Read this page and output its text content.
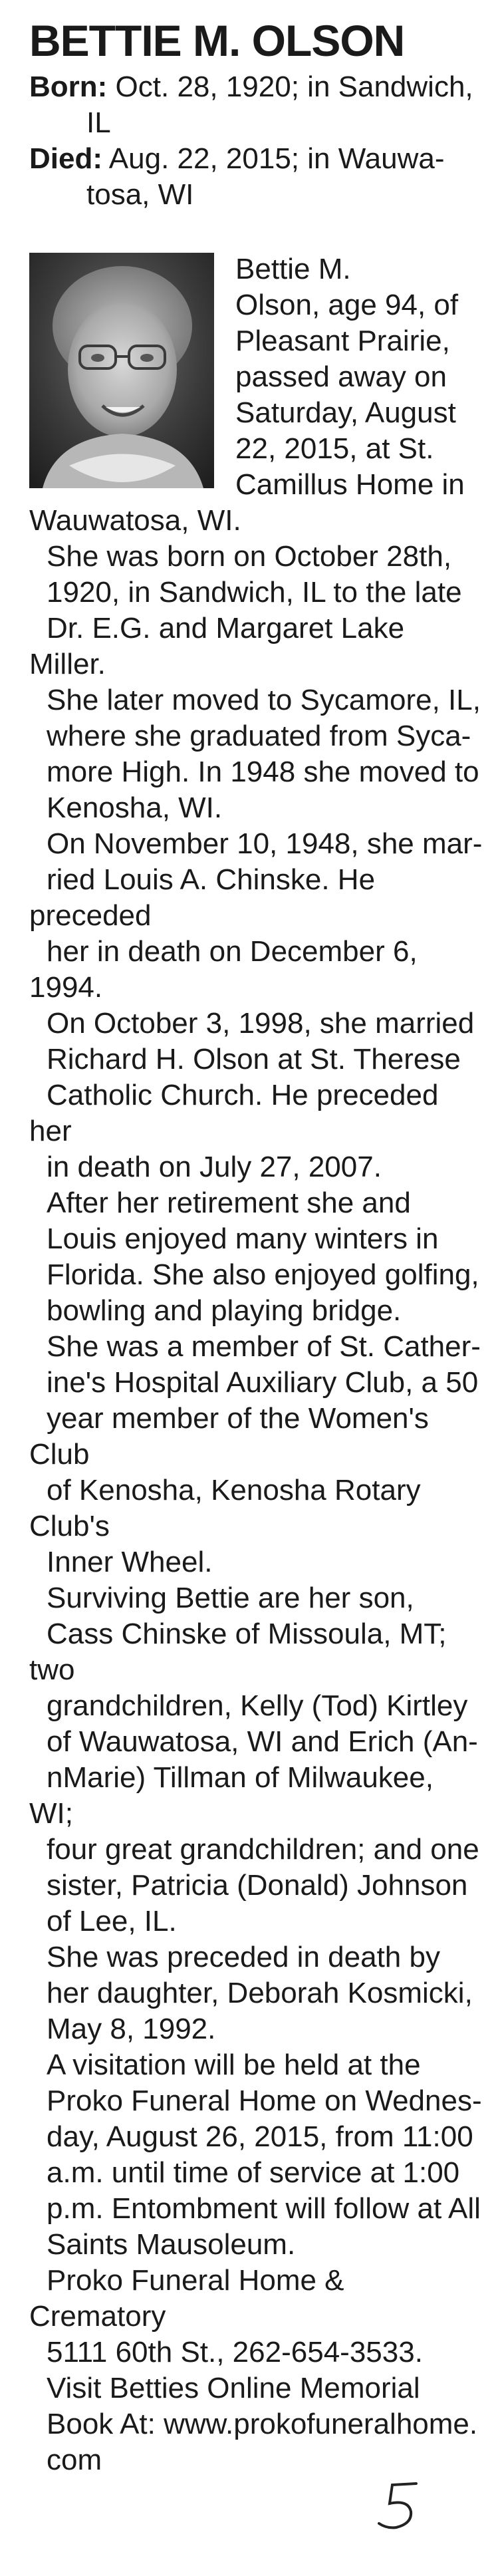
BETTIE M. OLSON
Born: Oct. 28, 1920; in Sandwich,
IL
Died: Aug. 22, 2015; in Wauwa-
tosa, WI

Bettie M.
Olson, age 94, of
Pleasant Prairie,
passed away on
Saturday, August
22, 2015, at St.
Camillus Home in
Wauwatosa, WI.

She was born on October 28th,
1920, in Sandwich, IL to the late
Dr. E.G. and Margaret Lake Miller.
She later moved to Sycamore, IL,
where she graduated from Syca-
more High. In 1948 she moved to
Kenosha, WI.

On November 10, 1948, she mar-
ried Louis A. Chinske. He preceded
her in death on December 6, 1994.
On October 3, 1998, she married
Richard H. Olson at St. Therese
Catholic Church. He preceded her
in death on July 27, 2007.

After her retirement she and
Louis enjoyed many winters in
Florida. She also enjoyed golfing,
bowling and playing bridge.

She was a member of St. Cather-
ine's Hospital Auxiliary Club, a 50
year member of the Women's Club
of Kenosha, Kenosha Rotary Club's
Inner Wheel.

Surviving Bettie are her son,
Cass Chinske of Missoula, MT; two
grandchildren, Kelly (Tod) Kirtley
of Wauwatosa, WI and Erich (An-
nMarie) Tillman of Milwaukee, WI;
four great grandchildren; and one
sister, Patricia (Donald) Johnson
of Lee, IL.

She was preceded in death by
her daughter, Deborah Kosmicki,
May 8, 1992.

A visitation will be held at the
Proko Funeral Home on Wednes-
day, August 26, 2015, from 11:00
a.m. until time of service at 1:00
p.m. Entombment will follow at All
Saints Mausoleum.

Proko Funeral Home & Crematory
5111 60th St., 262-654-3533.

Visit Betties Online Memorial
Book At: www.prokofuneralhome.
com
